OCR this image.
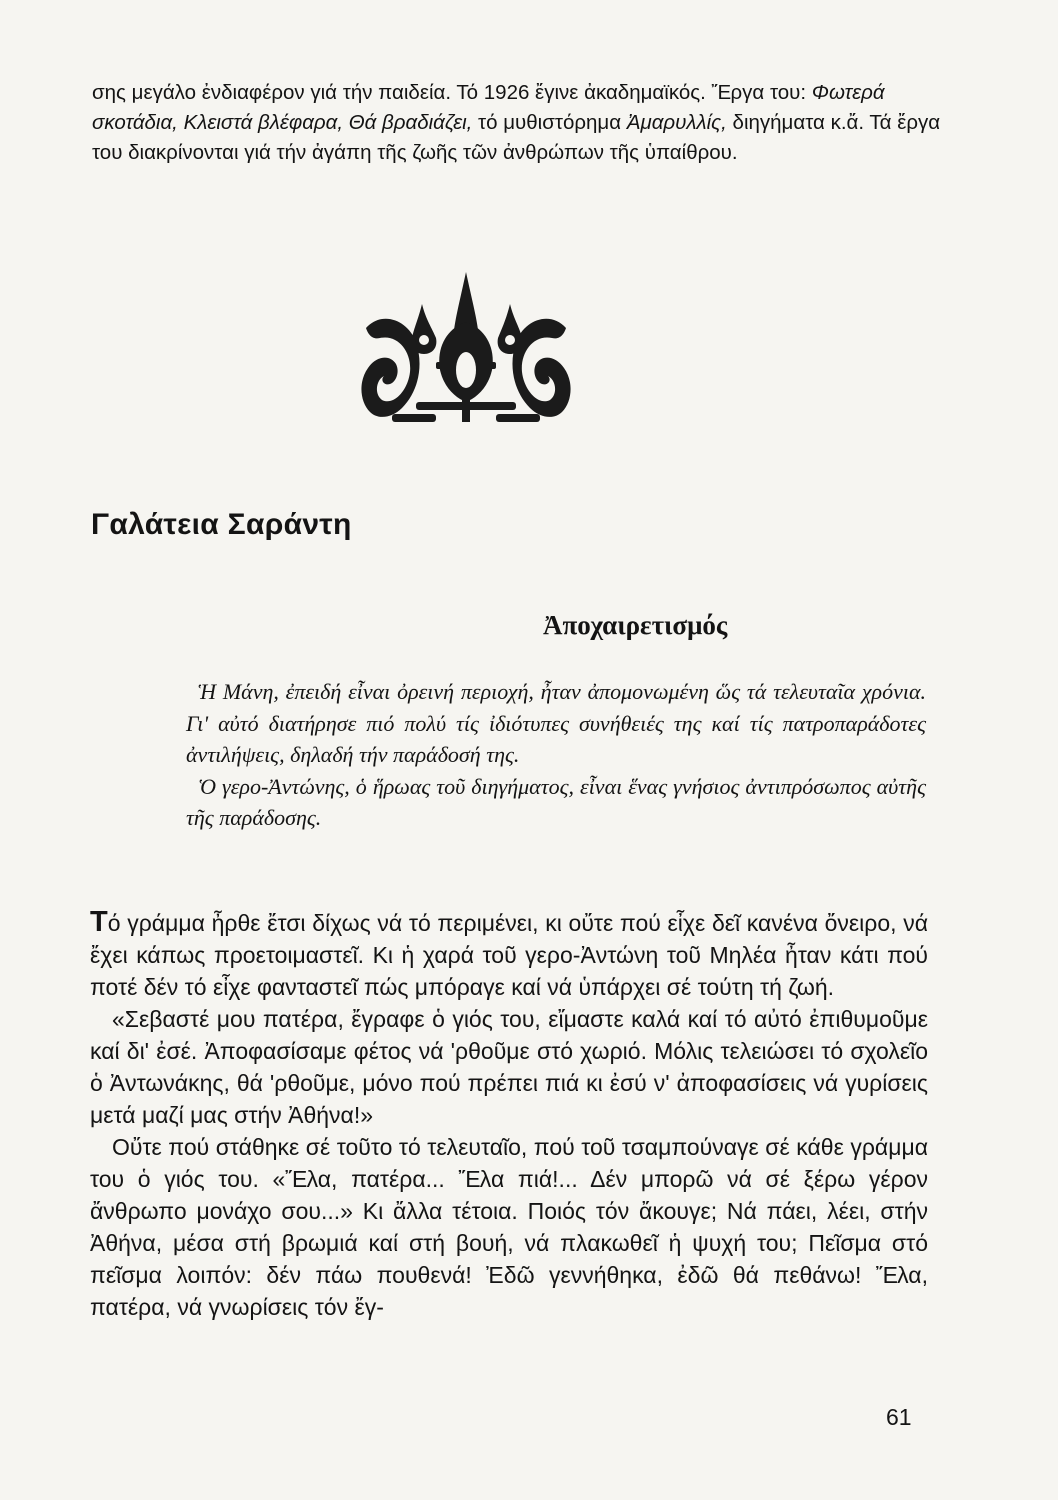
σης μεγάλο ἐνδιαφέρον γιά τήν παιδεία. Τό 1926 ἔγινε ἀκαδημαϊκός. Ἔργα του: Φωτερά σκοτάδια, Κλειστά βλέφαρα, Θά βραδιάζει, τό μυθιστόρημα Ἀμαρυλλίς, διηγήματα κ.ἄ. Τά ἔργα του διακρίνονται γιά τήν ἀγάπη τῆς ζωῆς τῶν ἀνθρώπων τῆς ὑπαίθρου.

Γαλάτεια Σαράντη
Ἀποχαιρετισμός

Ἡ Μάνη, ἐπειδή εἶναι ὀρεινή περιοχή, ἦταν ἀπομονωμένη ὥς τά τελευταῖα χρόνια. Γι' αὐτό διατήρησε πιό πολύ τίς ἰδιότυπες συνήθειές της καί τίς πατροπαράδοτες ἀντιλήψεις, δηλαδή τήν παράδοσή της.

Ὁ γερο-Ἀντώνης, ὁ ἥρωας τοῦ διηγήματος, εἶναι ἕνας γνήσιος ἀντιπρόσωπος αὐτῆς τῆς παράδοσης.

Τό γράμμα ἦρθε ἔτσι δίχως νά τό περιμένει, κι οὔτε πού εἶχε δεῖ κανένα ὄνειρο, νά ἔχει κάπως προετοιμαστεῖ. Κι ἡ χαρά τοῦ γερο-Ἀντώνη τοῦ Μηλέα ἦταν κάτι πού ποτέ δέν τό εἶχε φανταστεῖ πώς μπόραγε καί νά ὑπάρχει σέ τούτη τή ζωή.

«Σεβαστέ μου πατέρα, ἔγραφε ὁ γιός του, εἴμαστε καλά καί τό αὐτό ἐπιθυμοῦμε καί δι' ἐσέ. Ἀποφασίσαμε φέτος νά 'ρθοῦμε στό χωριό. Μόλις τελειώσει τό σχολεῖο ὁ Ἀντωνάκης, θά 'ρθοῦμε, μόνο πού πρέπει πιά κι ἐσύ ν' ἀποφασίσεις νά γυρίσεις μετά μαζί μας στήν Ἀθήνα!»

Οὔτε πού στάθηκε σέ τοῦτο τό τελευταῖο, πού τοῦ τσαμπούναγε σέ κάθε γράμμα του ὁ γιός του. «Ἔλα, πατέρα... Ἔλα πιά!... Δέν μπορῶ νά σέ ξέρω γέρον ἄνθρωπο μονάχο σου...» Κι ἄλλα τέτοια. Ποιός τόν ἄκουγε; Νά πάει, λέει, στήν Ἀθήνα, μέσα στή βρωμιά καί στή βουή, νά πλακωθεῖ ἡ ψυχή του; Πεῖσμα στό πεῖσμα λοιπόν: δέν πάω πουθενά! Ἐδῶ γεννήθηκα, ἐδῶ θά πεθάνω! Ἔλα, πατέρα, νά γνωρίσεις τόν ἔγ-

61
